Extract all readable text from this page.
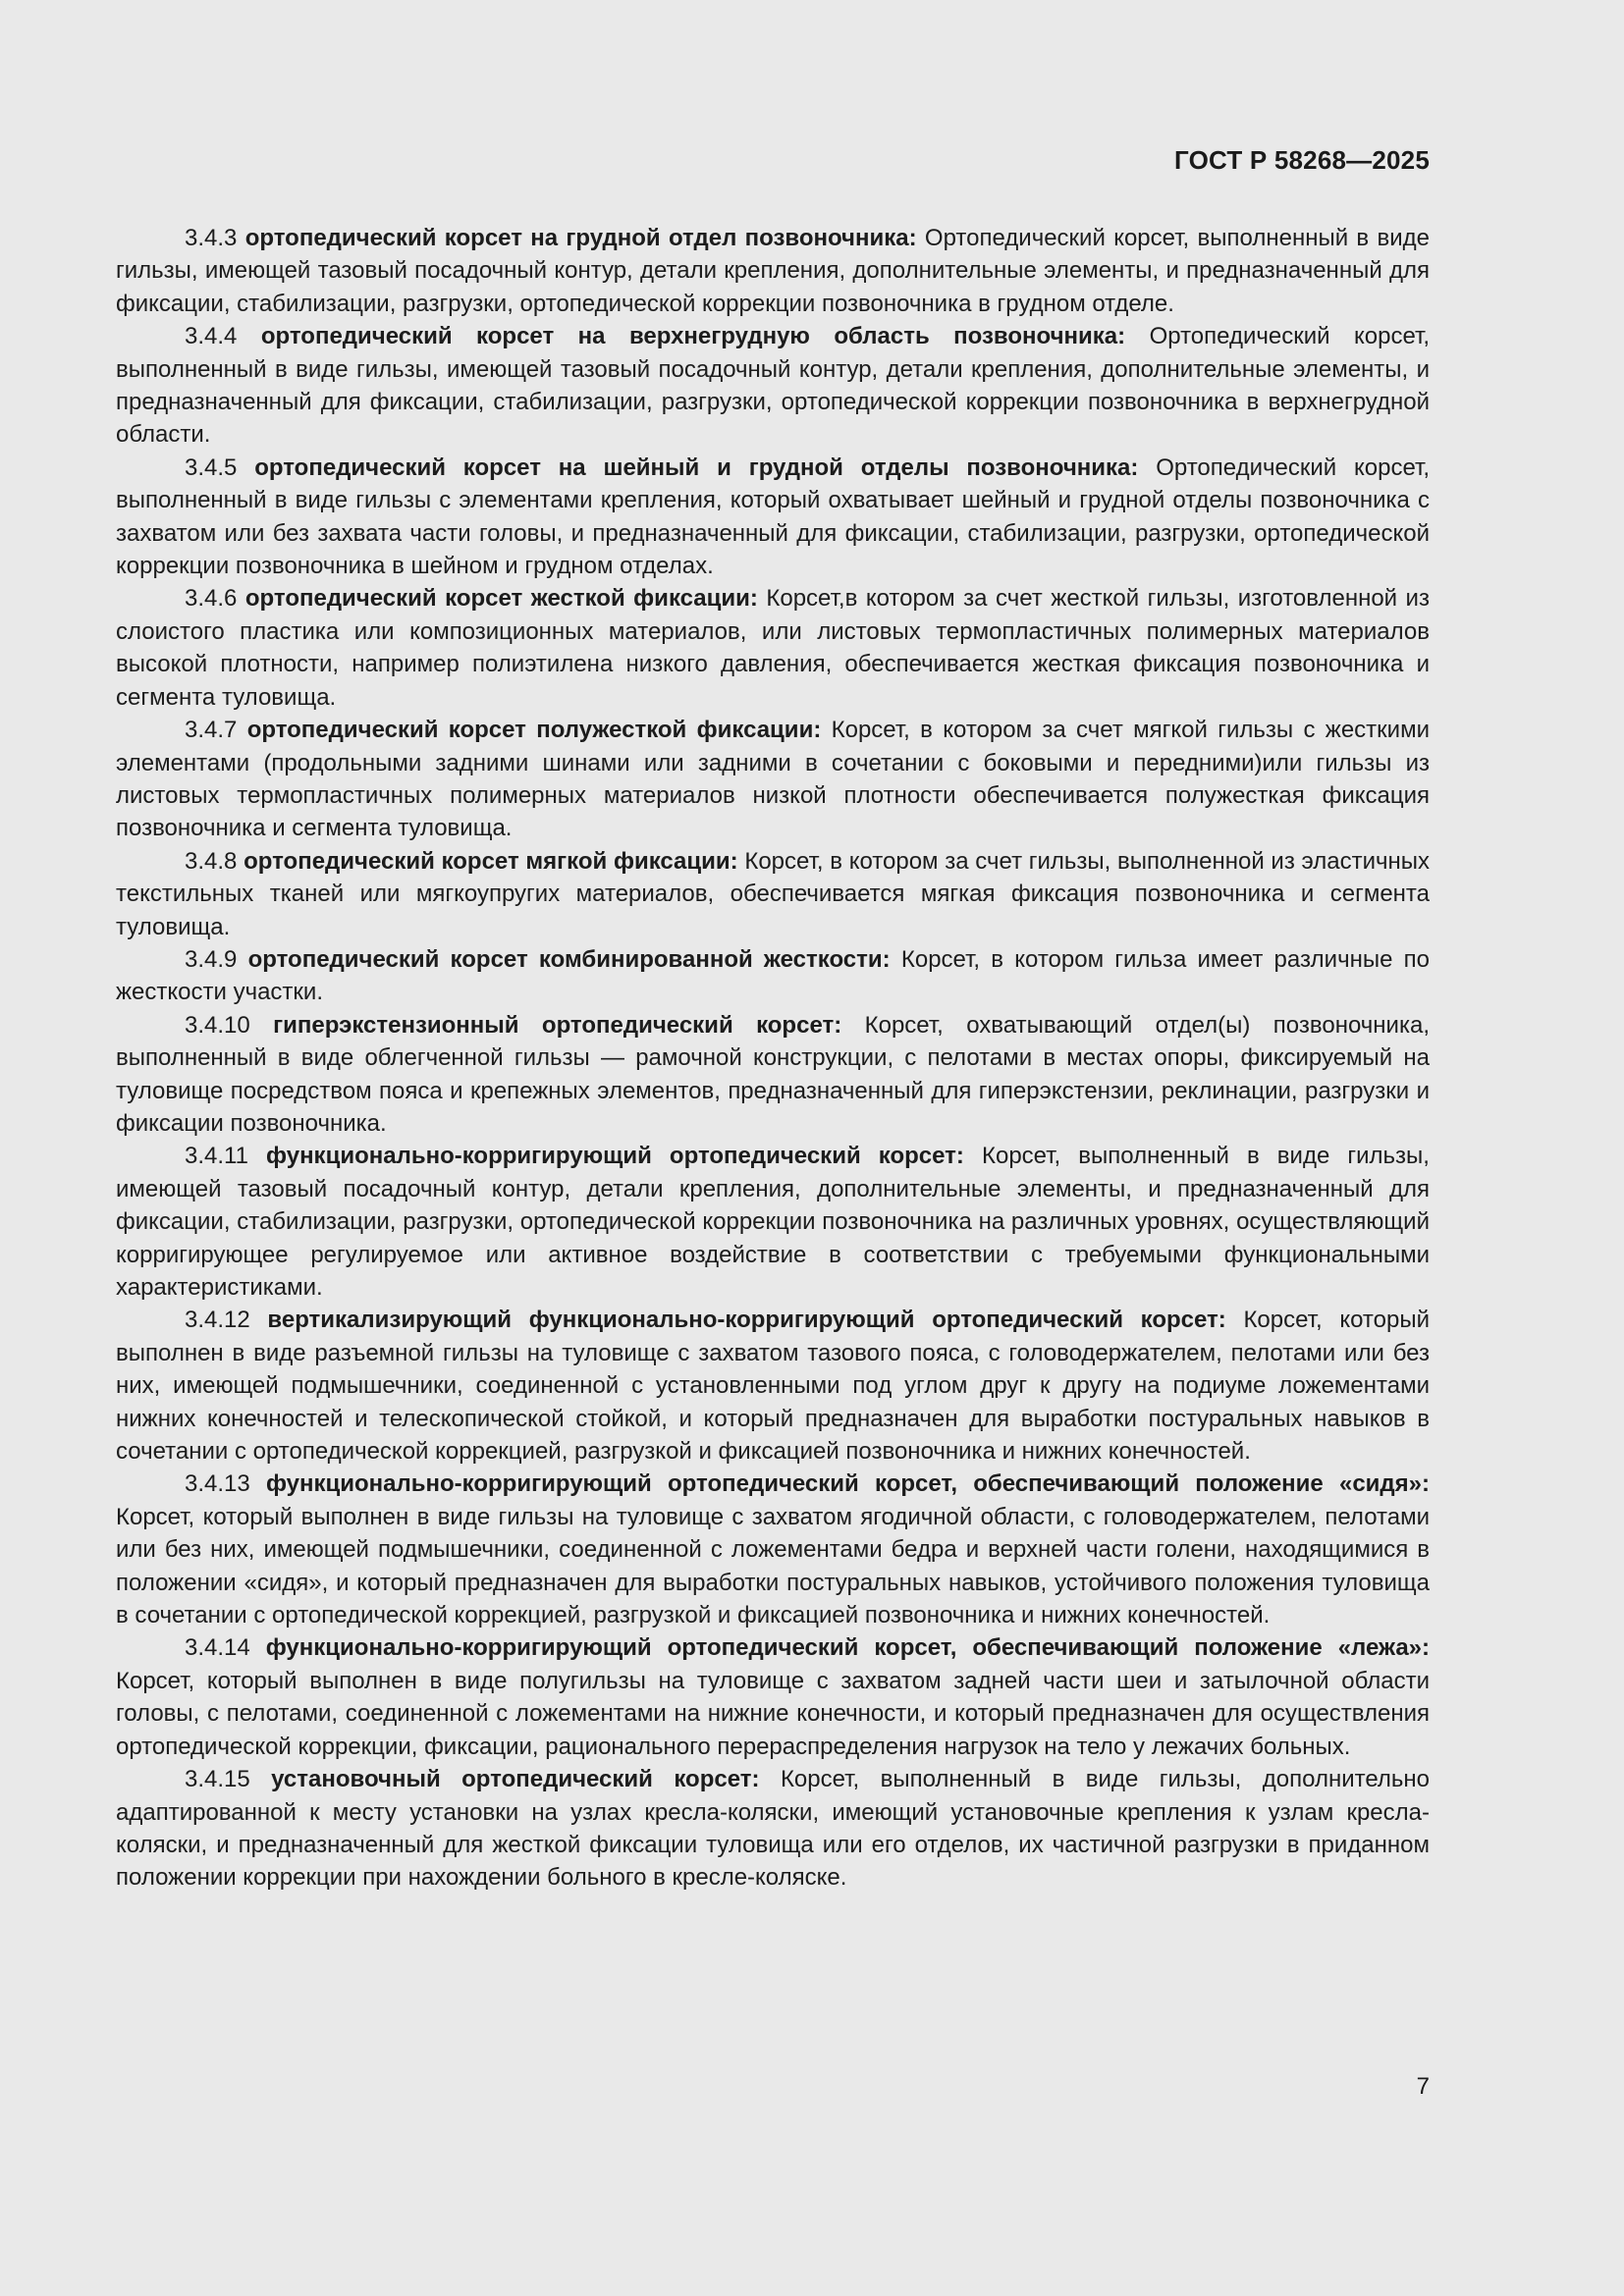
ГОСТ Р 58268—2025

3.4.3 ортопедический корсет на грудной отдел позвоночника: Ортопедический корсет, выполненный в виде гильзы, имеющей тазовый посадочный контур, детали крепления, дополнительные элементы, и предназначенный для фиксации, стабилизации, разгрузки, ортопедической коррекции позвоночника в грудном отделе.

3.4.4 ортопедический корсет на верхнегрудную область позвоночника: Ортопедический корсет, выполненный в виде гильзы, имеющей тазовый посадочный контур, детали крепления, дополнительные элементы, и предназначенный для фиксации, стабилизации, разгрузки, ортопедической коррекции позвоночника в верхнегрудной области.

3.4.5 ортопедический корсет на шейный и грудной отделы позвоночника: Ортопедический корсет, выполненный в виде гильзы с элементами крепления, который охватывает шейный и грудной отделы позвоночника с захватом или без захвата части головы, и предназначенный для фиксации, стабилизации, разгрузки, ортопедической коррекции позвоночника в шейном и грудном отделах.

3.4.6 ортопедический корсет жесткой фиксации: Корсет,в котором за счет жесткой гильзы, изготовленной из слоистого пластика или композиционных материалов, или листовых термопластичных полимерных материалов высокой плотности, например полиэтилена низкого давления, обеспечивается жесткая фиксация позвоночника и сегмента туловища.

3.4.7 ортопедический корсет полужесткой фиксации: Корсет, в котором за счет мягкой гильзы с жесткими элементами (продольными задними шинами или задними в сочетании с боковыми и передними)или гильзы из листовых термопластичных полимерных материалов низкой плотности обеспечивается полужесткая фиксация позвоночника и сегмента туловища.

3.4.8 ортопедический корсет мягкой фиксации: Корсет, в котором за счет гильзы, выполненной из эластичных текстильных тканей или мягкоупругих материалов, обеспечивается мягкая фиксация позвоночника и сегмента туловища.

3.4.9 ортопедический корсет комбинированной жесткости: Корсет, в котором гильза имеет различные по жесткости участки.

3.4.10 гиперэкстензионный ортопедический корсет: Корсет, охватывающий отдел(ы) позвоночника, выполненный в виде облегченной гильзы — рамочной конструкции, с пелотами в местах опоры, фиксируемый на туловище посредством пояса и крепежных элементов, предназначенный для гиперэкстензии, реклинации, разгрузки и фиксации позвоночника.

3.4.11 функционально-корригирующий ортопедический корсет: Корсет, выполненный в виде гильзы, имеющей тазовый посадочный контур, детали крепления, дополнительные элементы, и предназначенный для фиксации, стабилизации, разгрузки, ортопедической коррекции позвоночника на различных уровнях, осуществляющий корригирующее регулируемое или активное воздействие в соответствии с требуемыми функциональными характеристиками.

3.4.12 вертикализирующий функционально-корригирующий ортопедический корсет: Корсет, который выполнен в виде разъемной гильзы на туловище с захватом тазового пояса, с головодержателем, пелотами или без них, имеющей подмышечники, соединенной с установленными под углом друг к другу на подиуме ложементами нижних конечностей и телескопической стойкой, и который предназначен для выработки постуральных навыков в сочетании с ортопедической коррекцией, разгрузкой и фиксацией позвоночника и нижних конечностей.

3.4.13 функционально-корригирующий ортопедический корсет, обеспечивающий положение «сидя»: Корсет, который выполнен в виде гильзы на туловище с захватом ягодичной области, с головодержателем, пелотами или без них, имеющей подмышечники, соединенной с ложементами бедра и верхней части голени, находящимися в положении «сидя», и который предназначен для выработки постуральных навыков, устойчивого положения туловища в сочетании с ортопедической коррекцией, разгрузкой и фиксацией позвоночника и нижних конечностей.

3.4.14 функционально-корригирующий ортопедический корсет, обеспечивающий положение «лежа»: Корсет, который выполнен в виде полугильзы на туловище с захватом задней части шеи и затылочной области головы, с пелотами, соединенной с ложементами на нижние конечности, и который предназначен для осуществления ортопедической коррекции, фиксации, рационального перераспределения нагрузок на тело у лежачих больных.

3.4.15 установочный ортопедический корсет: Корсет, выполненный в виде гильзы, дополнительно адаптированной к месту установки на узлах кресла-коляски, имеющий установочные крепления к узлам кресла-коляски, и предназначенный для жесткой фиксации туловища или его отделов, их частичной разгрузки в приданном положении коррекции при нахождении больного в кресле-коляске.

7
